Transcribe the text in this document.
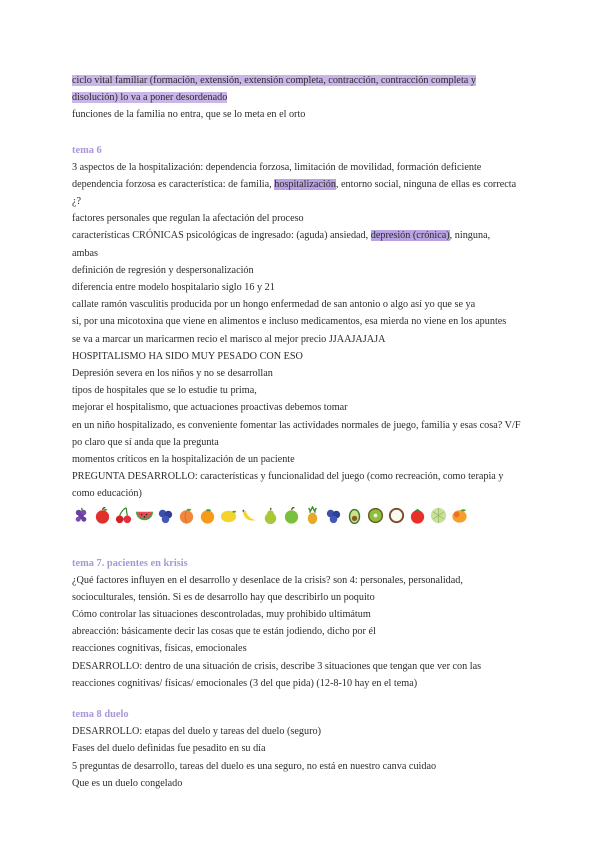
ciclo vital familiar (formación, extensión, extensión completa, contracción, contracción completa y
disolución) lo va a poner desordenado
funciones de la familia no entra, que se lo meta en el orto
tema 6
3 aspectos de la hospitalización: dependencia forzosa, limitación de movilidad, formación deficiente
dependencia forzosa es característica: de familia, hospitalización, entorno social, ninguna de ellas es correcta
¿?
factores personales que regulan la afectación del proceso
características CRÓNICAS psicológicas de ingresado: (aguda) ansiedad, depresión (crónica), ninguna,
ambas
definición de regresión y despersonalización
diferencia entre modelo hospitalario siglo 16 y 21
callate ramón vasculitis producida por un hongo enfermedad de san antonio o algo así yo que se ya
si, por una micotoxina que viene en alimentos e incluso medicamentos, esa mierda no viene en los apuntes
se va a marcar un maricarmen recio el marisco al mejor precio JJAAJAJAJA
HOSPITALISMO HA SIDO MUY PESADO CON ESO
Depresión severa en los niños y no se desarrollan
tipos de hospitales que se lo estudie tu prima,
mejorar el hospitalismo, que actuaciones proactivas debemos tomar
en un niño hospitalizado, es conveniente fomentar las actividades normales de juego, familia y esas cosa? V/F
po claro que sí anda que la pregunta
momentos críticos en la hospitalización de un paciente
PREGUNTA DESARROLLO: características y funcionalidad del juego (como recreación, como terapia y
como educación)
tema 7. pacientes en krisis
¿Qué factores influyen en el desarrollo y desenlace de la crisis? son 4: personales, personalidad,
socioculturales, tensión. Si es de desarrollo hay que describirlo un poquito
Cómo controlar las situaciones descontroladas, muy prohibido ultimátum
abreacción: básicamente decir las cosas que te están jodiendo, dicho por él
reacciones cognitivas, físicas, emocionales
DESARROLLO: dentro de una situación de crisis, describe 3 situaciones que tengan que ver con las
reacciones cognitivas/ físicas/ emocionales (3 del que pida) (12-8-10 hay en el tema)
tema 8 duelo
DESARROLLO: etapas del duelo y tareas del duelo (seguro)
Fases del duelo definidas fue pesadito en su día
5 preguntas de desarrollo, tareas del duelo es una seguro, no está en nuestro canva cuidao
Que es un duelo congelado
